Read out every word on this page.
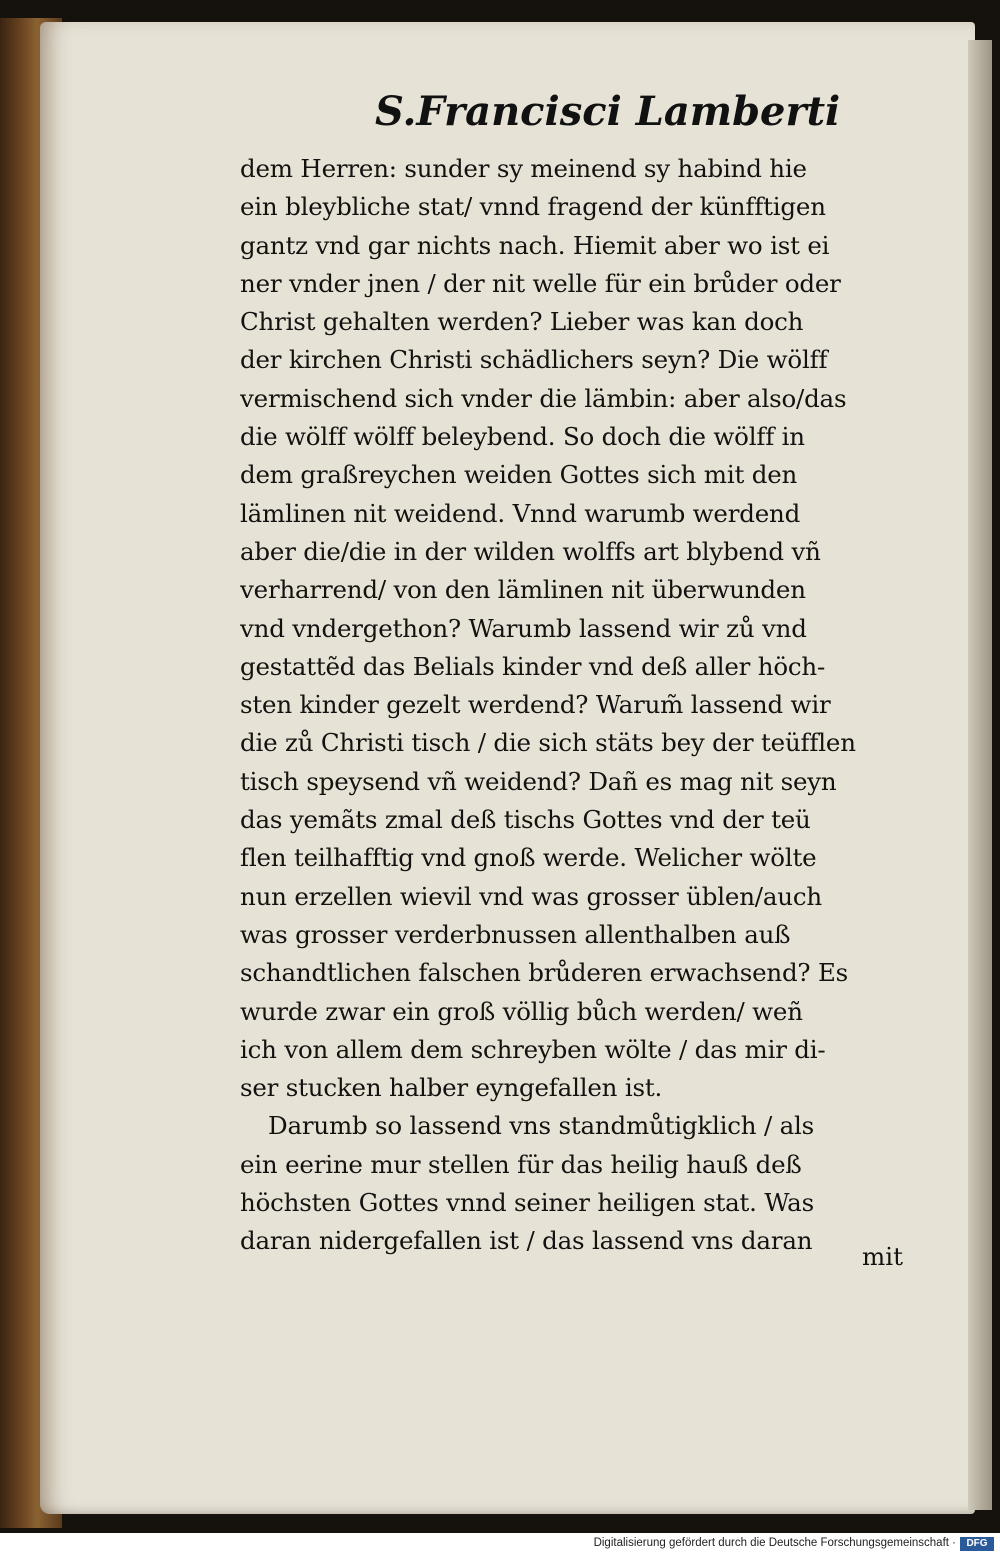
S.Francisci Lamberti
dem Herren: sunder sy meinend sy habind hie
ein bleybliche stat/ vnnd fragend der künfftigen
gantz vnd gar nichts nach. Hiemit aber wo ist ei
ner vnder jnen / der nit welle für ein brůder oder
Christ gehalten werden? Lieber was kan doch
der kirchen Christi schädlichers seyn? Die wölff
vermischend sich vnder die lämbin: aber also/das
die wölff wölff beleybend. So doch die wölff in
dem graßreychen weiden Gottes sich mit den
lämlinen nit weidend. Vnnd warumb werdend
aber die/die in der wilden wolffs art blybend vñ
verharrend/ von den lämlinen nit überwunden
vnd vndergethon? Warumb lassend wir zů vnd
gestattẽd das Belials kinder vnd deß aller höch-
sten kinder gezelt werdend? Warum̃ lassend wir
die zů Christi tisch / die sich stäts bey der teüfflen
tisch speysend vñ weidend? Dañ es mag nit seyn
das yemãts zmal deß tischs Gottes vnd der teü
flen teilhafftig vnd gnoß werde. Welicher wölte
nun erzellen wievil vnd was grosser üblen/auch
was grosser verderbnussen allenthalben auß
schandtlichen falschen brůderen erwachsend? Es
wurde zwar ein groß völlig bůch werden/ weñ
ich von allem dem schreyben wölte / das mir di-
ser stucken halber eyngefallen ist.
Darumb so lassend vns standmůtigklich / als
ein eerine mur stellen für das heilig hauß deß
höchsten Gottes vnnd seiner heiligen stat. Was
daran nidergefallen ist / das lassend vns daran
mit
Digitalisierung gefördert durch die Deutsche Forschungsgemeinschaft ·	DFG
